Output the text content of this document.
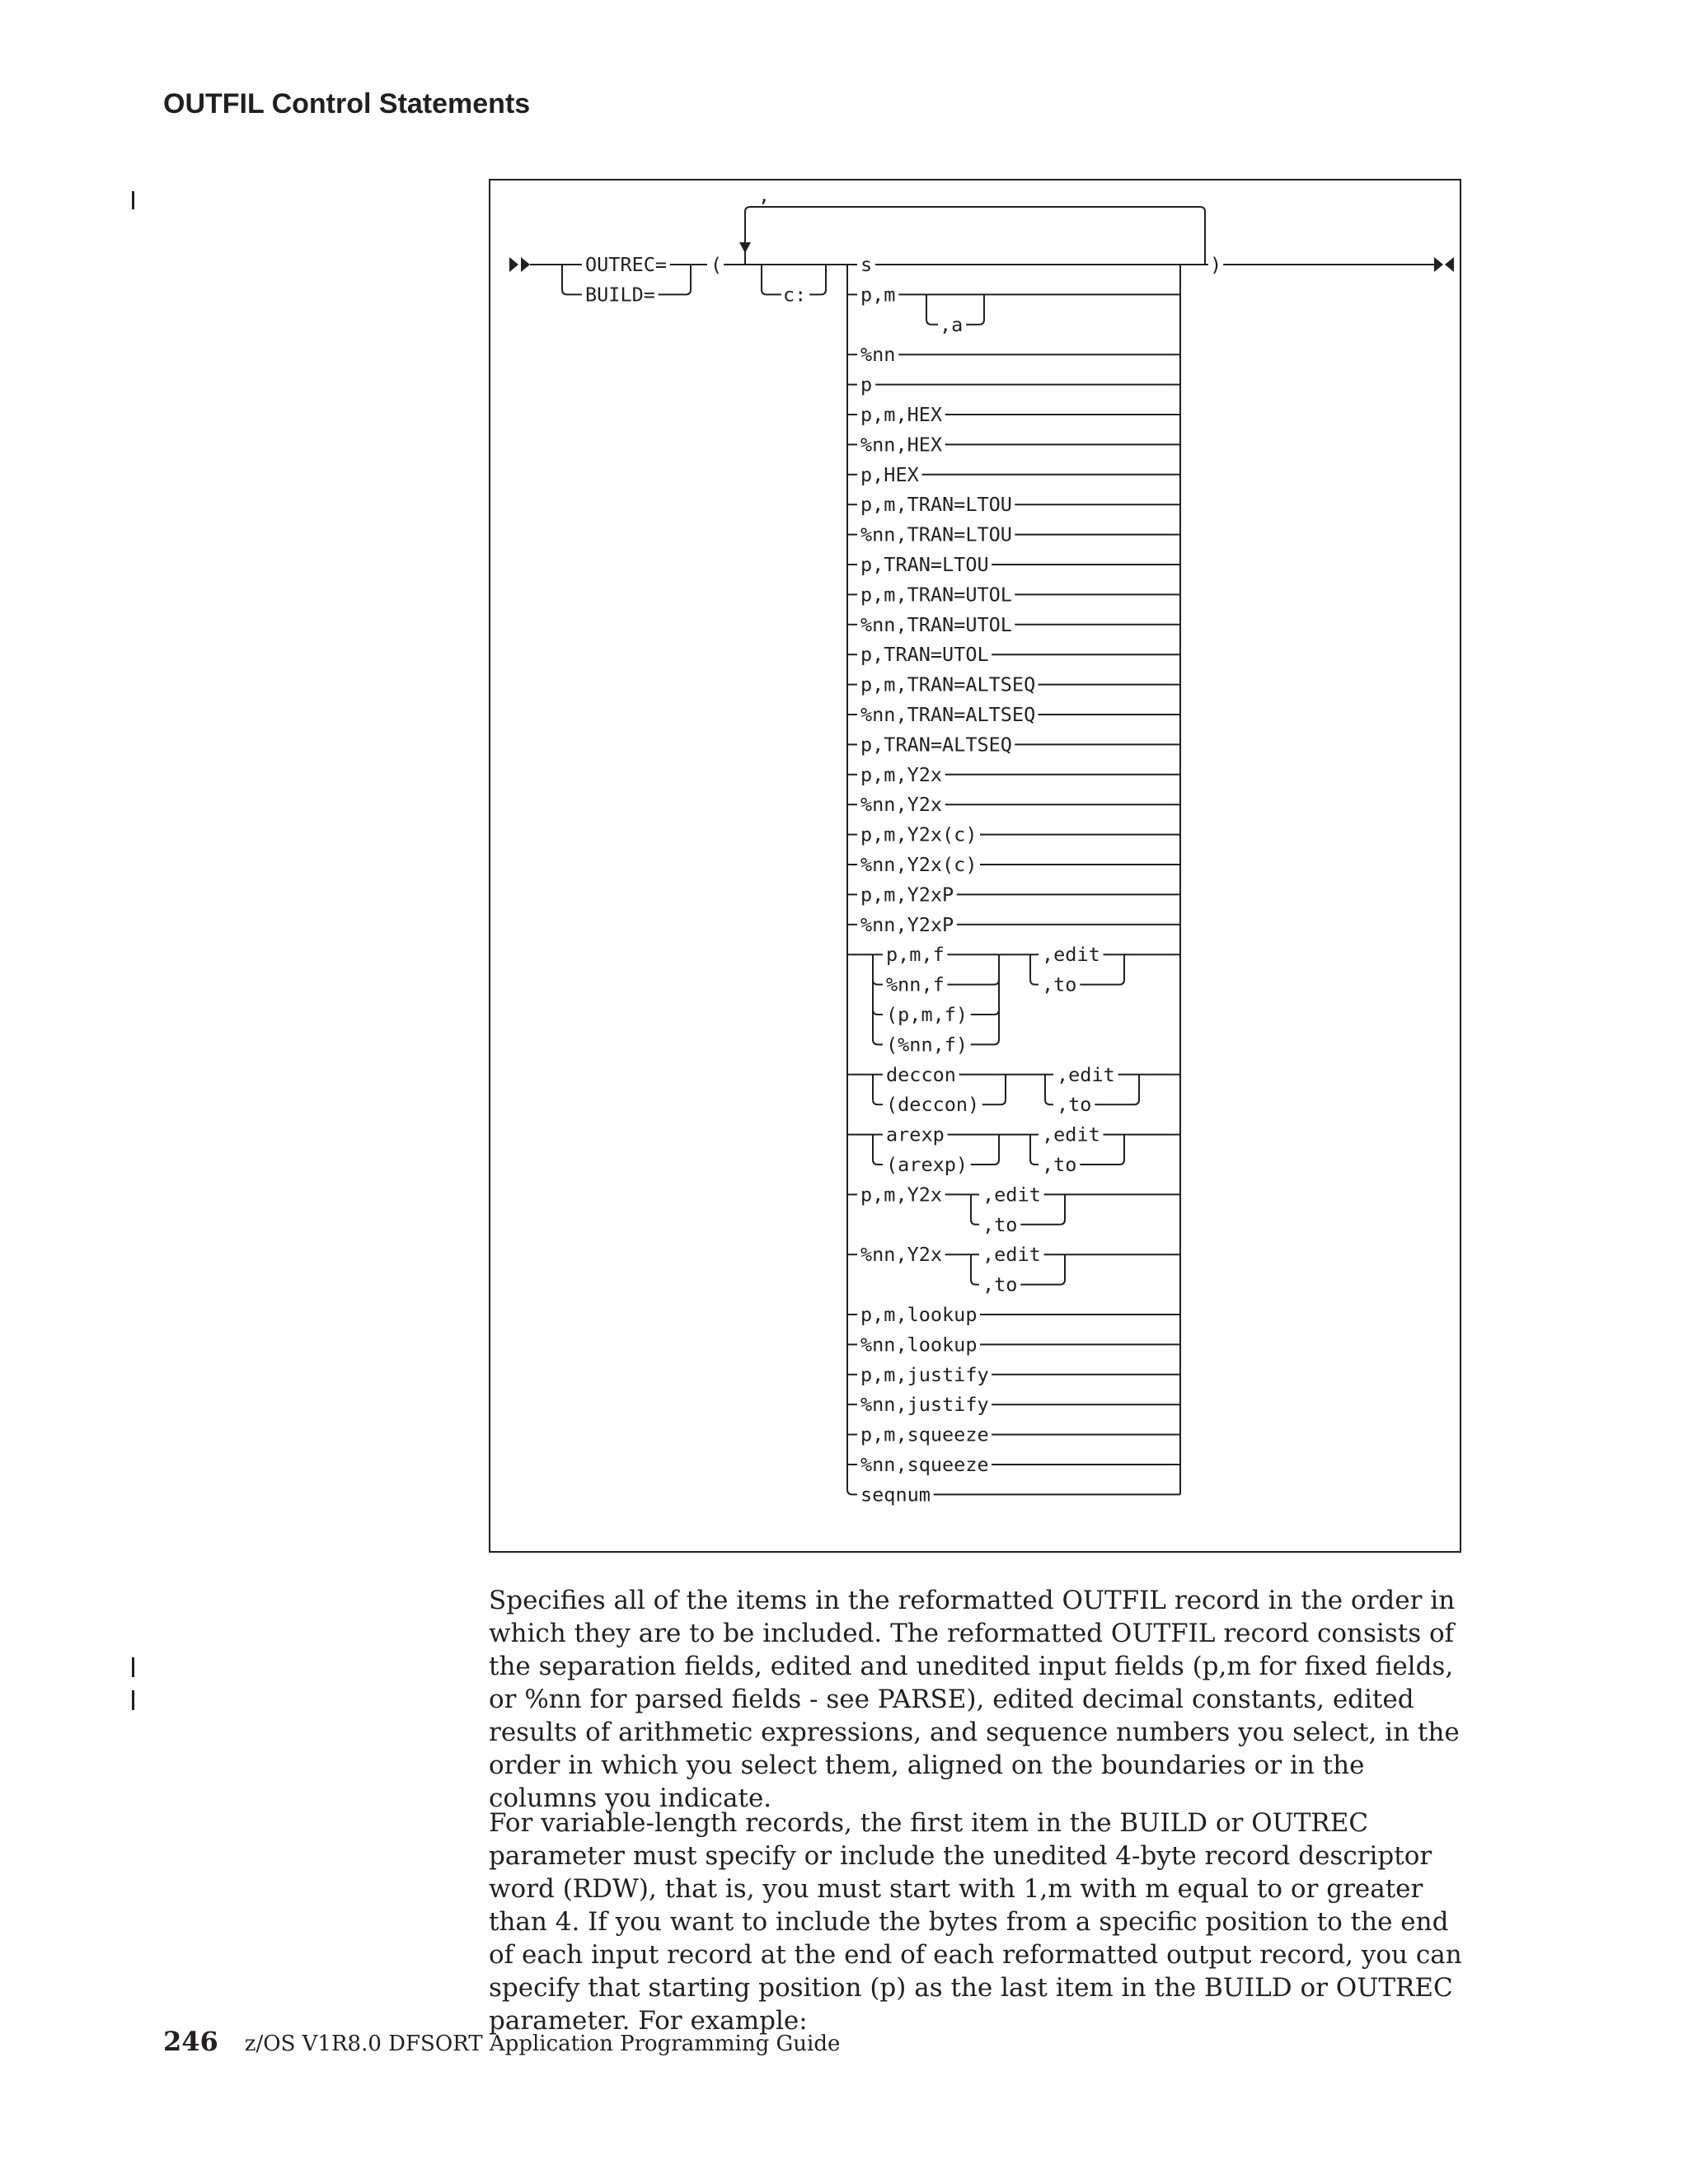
OUTFIL Control Statements
OUTREC=
BUILD=
(
,
c:
s
p,m
,a
%nn
p
p,m,HEX
%nn,HEX
p,HEX
p,m,TRAN=LTOU
%nn,TRAN=LTOU
p,TRAN=LTOU
p,m,TRAN=UTOL
%nn,TRAN=UTOL
p,TRAN=UTOL
p,m,TRAN=ALTSEQ
%nn,TRAN=ALTSEQ
p,TRAN=ALTSEQ
p,m,Y2x
%nn,Y2x
p,m,Y2x(c)
%nn,Y2x(c)
p,m,Y2xP
%nn,Y2xP
p,m,f
%nn,f
(p,m,f)
(%nn,f)
,edit
,to
deccon
(deccon)
,edit
,to
arexp
(arexp)
,edit
,to
p,m,Y2x ,edit
,to
%nn,Y2x ,edit
,to
p,m,lookup
%nn,lookup
p,m,justify
%nn,justify
p,m,squeeze
%nn,squeeze
seqnum
)

Specifies all of the items in the reformatted OUTFIL record in the order in which they are to be included. The reformatted OUTFIL record consists of the separation fields, edited and unedited input fields (p,m for fixed fields, or %nn for parsed fields - see PARSE), edited decimal constants, edited results of arithmetic expressions, and sequence numbers you select, in the order in which you select them, aligned on the boundaries or in the columns you indicate.

For variable-length records, the first item in the BUILD or OUTREC parameter must specify or include the unedited 4-byte record descriptor word (RDW), that is, you must start with 1,m with m equal to or greater than 4. If you want to include the bytes from a specific position to the end of each input record at the end of each reformatted output record, you can specify that starting position (p) as the last item in the BUILD or OUTREC parameter. For example:

246 z/OS V1R8.0 DFSORT Application Programming Guide
